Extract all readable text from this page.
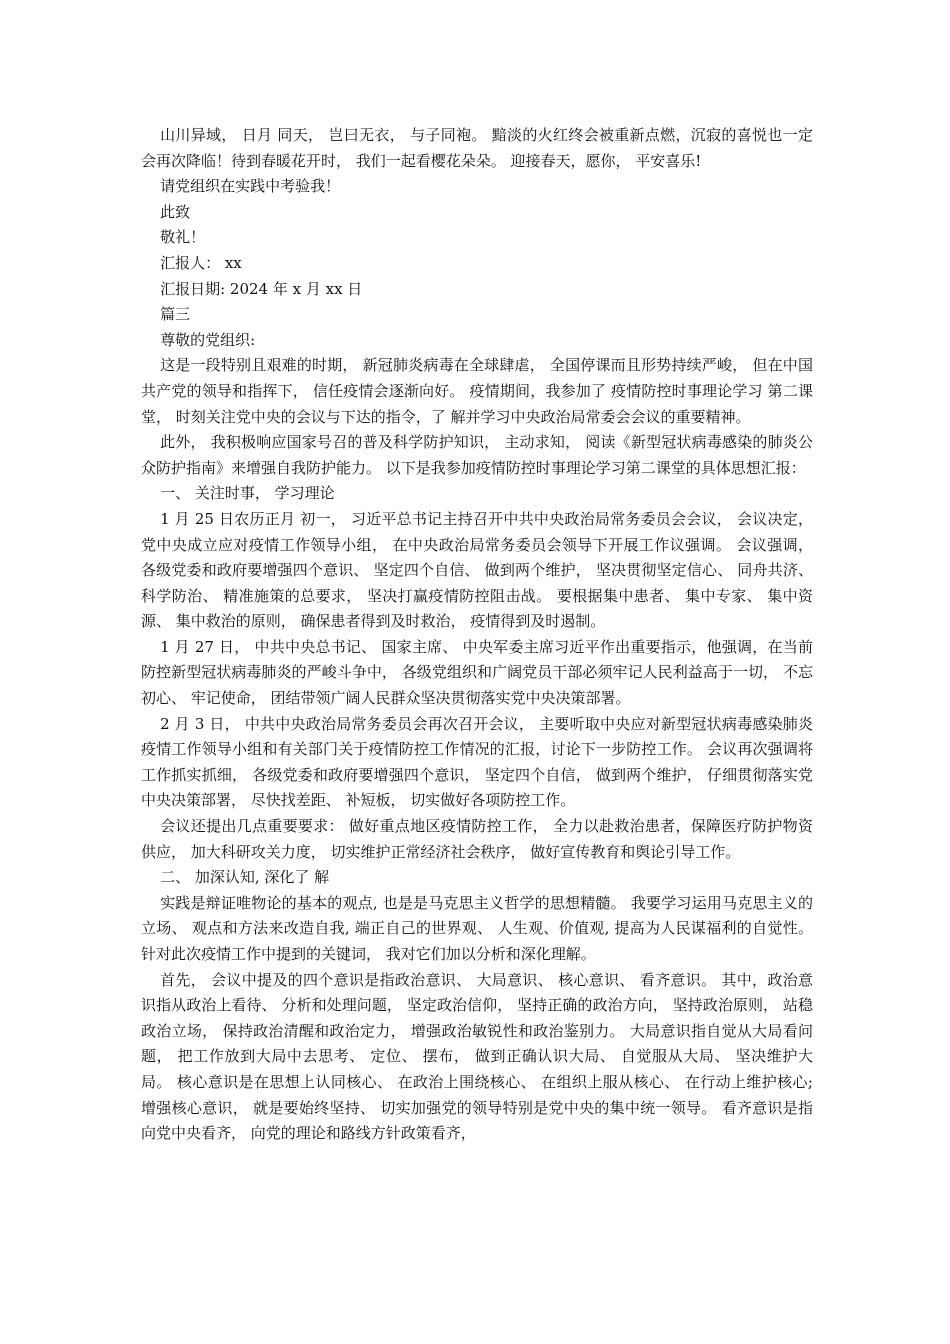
山川异域， 日月 同天， 岂曰无衣， 与子同袍。 黯淡的火红终会被重新点燃，沉寂的喜悦也一定会再次降临！待到春暖花开时， 我们一起看樱花朵朵。 迎接春天，愿你， 平安喜乐!

请党组织在实践中考验我！

此致

敬礼！

汇报人： xx

汇报日期: 2024 年 x 月 xx 日

篇三

尊敬的党组织:

这是一段特别且艰难的时期， 新冠肺炎病毒在全球肆虐， 全国停课而且形势持续严峻， 但在中国共产党的领导和指挥下， 信任疫情会逐渐向好。 疫情期间，我参加了 疫情防控时事理论学习 第二课堂， 时刻关注党中央的会议与下达的指令，了 解并学习中央政治局常委会会议的重要精神。

此外， 我积极响应国家号召的普及科学防护知识， 主动求知， 阅读《新型冠状病毒感染的肺炎公众防护指南》来增强自我防护能力。 以下是我参加疫情防控时事理论学习第二课堂的具体思想汇报：

一、 关注时事， 学习理论

1 月 25 日农历正月 初一， 习近平总书记主持召开中共中央政治局常务委员会会议， 会议决定， 党中央成立应对疫情工作领导小组， 在中央政治局常务委员会领导下开展工作议强调。 会议强调， 各级党委和政府要增强四个意识、 坚定四个自信、 做到两个维护， 坚决贯彻坚定信心、 同舟共济、 科学防治、 精准施策的总要求， 坚决打赢疫情防控阻击战。 要根据集中患者、 集中专家、 集中资源、 集中救治的原则， 确保患者得到及时救治， 疫情得到及时遏制。

1 月 27 日， 中共中央总书记、 国家主席、 中央军委主席习近平作出重要指示，他强调，在当前防控新型冠状病毒肺炎的严峻斗争中， 各级党组织和广阔党员干部必须牢记人民利益高于一切， 不忘初心、 牢记使命， 团结带领广阔人民群众坚决贯彻落实党中央决策部署。

2 月 3 日， 中共中央政治局常务委员会再次召开会议， 主要听取中央应对新型冠状病毒感染肺炎疫情工作领导小组和有关部门关于疫情防控工作情况的汇报，讨论下一步防控工作。 会议再次强调将工作抓实抓细， 各级党委和政府要增强四个意识， 坚定四个自信， 做到两个维护， 仔细贯彻落实党中央决策部署， 尽快找差距、 补短板， 切实做好各项防控工作。

会议还提出几点重要要求： 做好重点地区疫情防控工作， 全力以赴救治患者，保障医疗防护物资供应， 加大科研攻关力度， 切实维护正常经济社会秩序， 做好宣传教育和舆论引导工作。

二、 加深认知, 深化了 解

实践是辩证唯物论的基本的观点, 也是是马克思主义哲学的思想精髓。 我要学习运用马克思主义的立场、 观点和方法来改造自我, 端正自己的世界观、 人生观、价值观, 提高为人民谋福利的自觉性。 针对此次疫情工作中提到的关键词， 我对它们加以分析和深化理解。

首先， 会议中提及的四个意识是指政治意识、 大局意识、 核心意识、 看齐意识。 其中，政治意识指从政治上看待、 分析和处理问题， 坚定政治信仰， 坚持正确的政治方向， 坚持政治原则， 站稳政治立场， 保持政治清醒和政治定力， 增强政治敏锐性和政治鉴别力。 大局意识指自觉从大局看问题， 把工作放到大局中去思考、 定位、 摆布， 做到正确认识大局、 自觉服从大局、 坚决维护大局。 核心意识是在思想上认同核心、 在政治上围绕核心、 在组织上服从核心、 在行动上维护核心; 增强核心意识， 就是要始终坚持、 切实加强党的领导特别是党中央的集中统一领导。 看齐意识是指向党中央看齐， 向党的理论和路线方针政策看齐，
